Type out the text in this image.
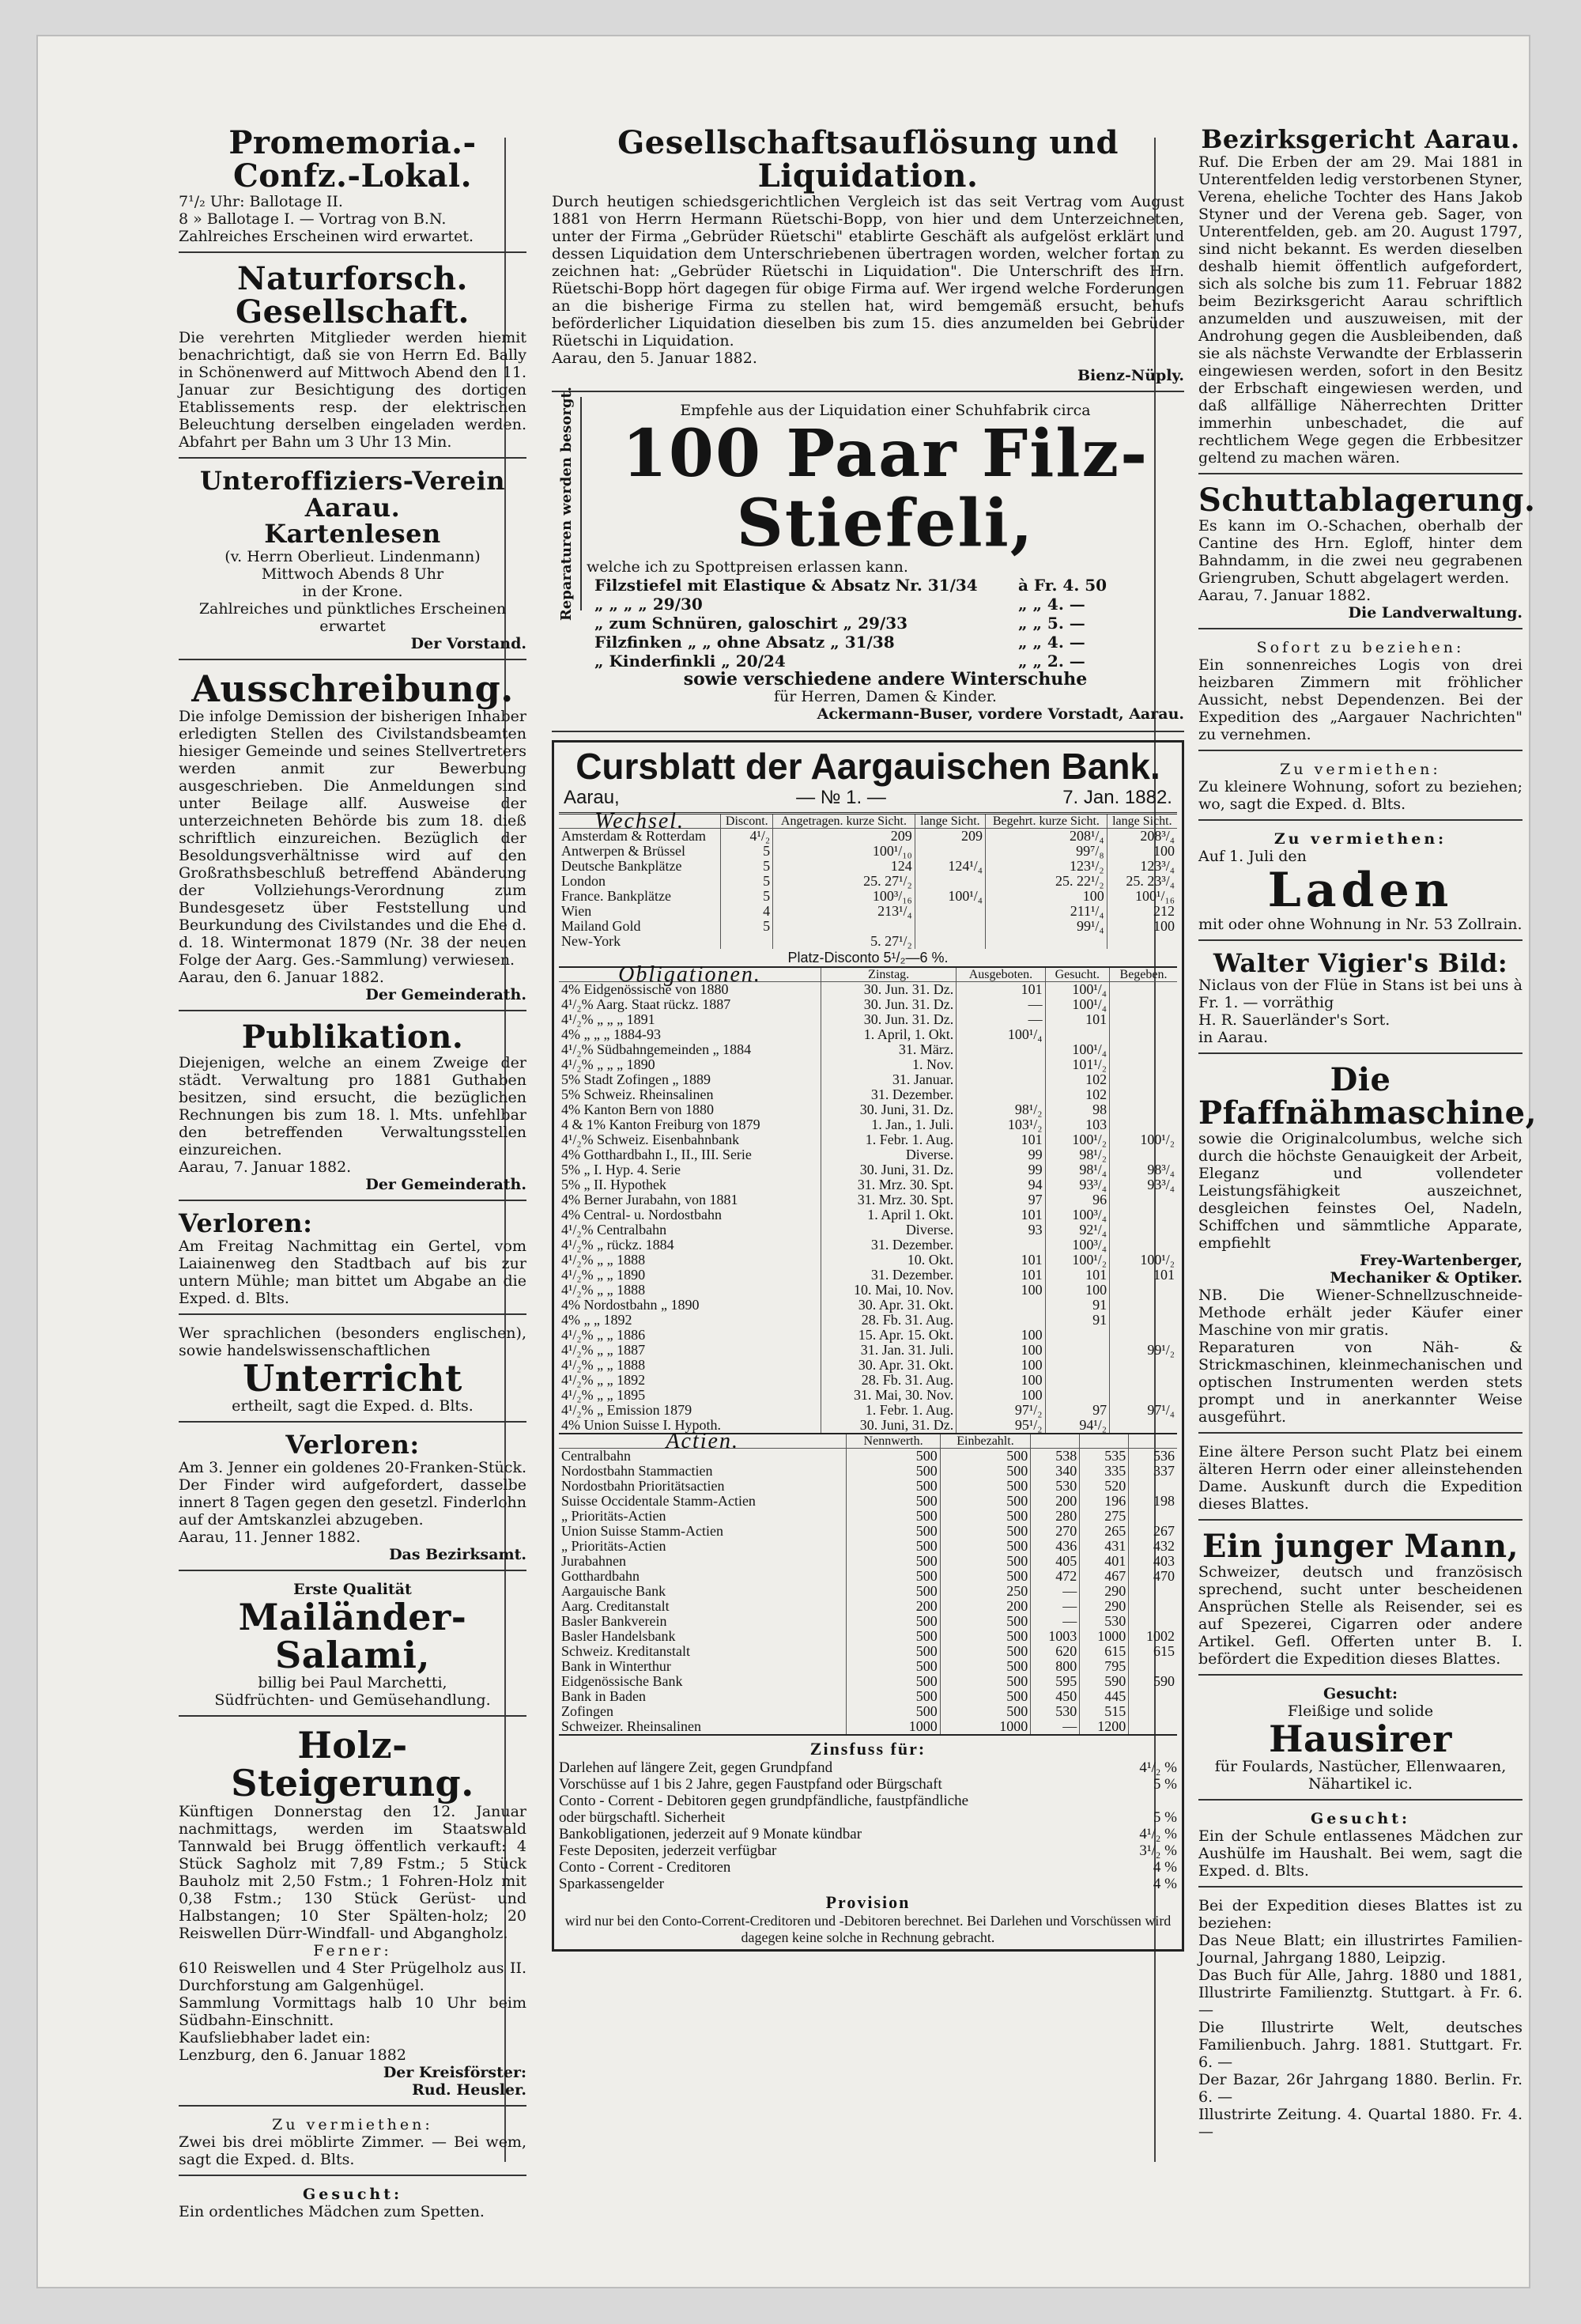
Promemoria.-Confz.-Lokal.
7¹/₂ Uhr: Ballotage II.
8 » Ballotage I. — Vortrag von B.N.
Zahlreiches Erscheinen wird erwartet.
Naturforsch. Gesellschaft.
Die verehrten Mitglieder werden hiemit benachrichtigt, daß sie von Herrn Ed. Bally in Schönenwerd auf Mittwoch Abend den 11. Januar zur Besichtigung des dortigen Etablissements resp. der elektrischen Beleuchtung derselben eingeladen werden. Abfahrt per Bahn um 3 Uhr 13 Min.
Unteroffiziers-Verein Aarau.
Kartenlesen
(v. Herrn Oberlieut. Lindenmann)
Mittwoch Abends 8 Uhr
in der Krone.
Zahlreiches und pünktliches Erscheinen erwartet
Der Vorstand.
Ausschreibung.
Die infolge Demission der bisherigen Inhaber erledigten Stellen des Civilstandsbeamten hiesiger Gemeinde und seines Stellvertreters werden anmit zur Bewerbung ausgeschrieben. Die Anmeldungen sind unter Beilage allf. Ausweise der unterzeichneten Behörde bis zum 18. dieß schriftlich einzureichen. Bezüglich der Besoldungsverhältnisse wird auf den Großrathsbeschluß betreffend Abänderung der Vollziehungs-Verordnung zum Bundesgesetz über Feststellung und Beurkundung des Civilstandes und die Ehe d. d. 18. Wintermonat 1879 (Nr. 38 der neuen Folge der Aarg. Ges.-Sammlung) verwiesen.
Aarau, den 6. Januar 1882.
Der Gemeinderath.
Publikation.
Diejenigen, welche an einem Zweige der städt. Verwaltung pro 1881 Guthaben besitzen, sind ersucht, die bezüglichen Rechnungen bis zum 18. l. Mts. unfehlbar den betreffenden Verwaltungsstellen einzureichen.
Aarau, 7. Januar 1882.
Der Gemeinderath.
Verloren:
Am Freitag Nachmittag ein Gertel, vom Laiainenweg den Stadtbach auf bis zur untern Mühle; man bittet um Abgabe an die Exped. d. Blts.
Wer sprachlichen (besonders englischen), sowie handelswissenschaftlichen
Unterricht
ertheilt, sagt die Exped. d. Blts.
Verloren:
Am 3. Jenner ein goldenes 20-Franken-Stück. Der Finder wird aufgefordert, dasselbe innert 8 Tagen gegen den gesetzl. Finderlohn auf der Amtskanzlei abzugeben.
Aarau, 11. Jenner 1882.
Das Bezirksamt.
Erste Qualität
Mailänder-Salami,
billig bei Paul Marchetti,
Südfrüchten- und Gemüsehandlung.
Holz-Steigerung.
Künftigen Donnerstag den 12. Januar nachmittags, werden im Staatswald Tannwald bei Brugg öffentlich verkauft: 4 Stück Sagholz mit 7,89 Fstm.; 5 Stück Bauholz mit 2,50 Fstm.; 1 Fohren-Holz mit 0,38 Fstm.; 130 Stück Gerüst- und Halbstangen; 10 Ster Spälten-holz; 20 Reiswellen Dürr-Windfall- und Abgangholz.
Ferner:
610 Reiswellen und 4 Ster Prügelholz aus II. Durchforstung am Galgenhügel.
Sammlung Vormittags halb 10 Uhr beim Südbahn-Einschnitt.
Kaufsliebhaber ladet ein:
Lenzburg, den 6. Januar 1882
Der Kreisförster:
Rud. Heusler.
Zu vermiethen:
Zwei bis drei möblirte Zimmer. — Bei wem, sagt die Exped. d. Blts.
Gesucht:
Ein ordentliches Mädchen zum Spetten.
Gesellschaftsauflösung und Liquidation.
Durch heutigen schiedsgerichtlichen Vergleich ist das seit Vertrag vom August 1881 von Herrn Hermann Rüetschi-Bopp, von hier und dem Unterzeichneten, unter der Firma „Gebrüder Rüetschi" etablirte Geschäft als aufgelöst erklärt und dessen Liquidation dem Unterschriebenen übertragen worden, welcher fortan zu zeichnen hat: „Gebrüder Rüetschi in Liquidation". Die Unterschrift des Hrn. Rüetschi-Bopp hört dagegen für obige Firma auf. Wer irgend welche Forderungen an die bisherige Firma zu stellen hat, wird bemgemäß ersucht, behufs beförderlicher Liquidation dieselben bis zum 15. dies anzumelden bei Gebrüder Rüetschi in Liquidation.
Aarau, den 5. Januar 1882.
Bienz-Nüply.
Reparaturen werden besorgt.	Empfehle aus der Liquidation einer Schuhfabrik circa
100 Paar Filz-Stiefeli,
welche ich zu Spottpreisen erlassen kann.
Filzstiefel mit Elastique & Absatz Nr. 31/34	à Fr. 4. 50
„ „ „ „ 29/30	„ „ 4. —
„ zum Schnüren, galoschirt „ 29/33	„ „ 5. —
Filzfinken „ „ ohne Absatz „ 31/38	„ „ 4. —
„ Kinderfinkli „ 20/24	„ „ 2. —
sowie verschiedene andere Winterschuhe
für Herren, Damen & Kinder.
Ackermann-Buser, vordere Vorstadt, Aarau.
Cursblatt der Aargauischen Bank.
Aarau,	— № 1. —	7. Jan. 1882.
Wechsel.	Discont.	Angetragen. kurze Sicht.	lange Sicht.	Begehrt. kurze Sicht.	lange Sicht.
Amsterdam & Rotterdam	4¹/₂	209	209	208¹/₄	208³/₄
Antwerpen & Brüssel	5	100¹/₁₀		99⁷/₈	100
Deutsche Bankplätze	5	124	124¹/₄	123¹/₂	123³/₄
London	5	25. 27¹/₂		25. 22¹/₂	25. 23³/₄
France. Bankplätze	5	100³/₁₆	100¹/₄	100	100¹/₁₆
Wien	4	213¹/₄		211¹/₄	212
Mailand Gold	5			99¹/₄	100
New-York		5. 27¹/₂			
Platz-Disconto 5¹/₂—6 %.
Obligationen.	Zinstag.	Ausgeboten.	Gesucht.	Begeben.
4% Eidgenössische von 1880	30. Jun. 31. Dz.	101	100¹/₄	
4¹/₂% Aarg. Staat rückz. 1887	30. Jun. 31. Dz.	—	100¹/₄	
4¹/₂% „ „ „ 1891	30. Jun. 31. Dz.	—	101	
4% „ „ „ 1884-93	1. April, 1. Okt.	100¹/₄		
4¹/₂% Südbahngemeinden „ 1884	31. März.		100¹/₄	
4¹/₂% „ „ „ 1890	1. Nov.		101¹/₂	
5% Stadt Zofingen „ 1889	31. Januar.		102	
5% Schweiz. Rheinsalinen	31. Dezember.		102	
4% Kanton Bern von 1880	30. Juni, 31. Dz.	98¹/₂	98	
4 & 1% Kanton Freiburg von 1879	1. Jan., 1. Juli.	103¹/₂	103	
4¹/₂% Schweiz. Eisenbahnbank	1. Febr. 1. Aug.	101	100¹/₂	100¹/₂
4% Gotthardbahn I., II., III. Serie	Diverse.	99	98¹/₂	
5% „ I. Hyp. 4. Serie	30. Juni, 31. Dz.	99	98¹/₄	98³/₄
5% „ II. Hypothek	31. Mrz. 30. Spt.	94	93³/₄	93³/₄
4% Berner Jurabahn, von 1881	31. Mrz. 30. Spt.	97	96	
4% Central- u. Nordostbahn	1. April 1. Okt.	101	100³/₄	
4¹/₂% Centralbahn	Diverse.	93	92¹/₄	
4¹/₂% „ rückz. 1884	31. Dezember.		100³/₄	
4¹/₂% „ „ 1888	10. Okt.	101	100¹/₂	100¹/₂
4¹/₂% „ „ 1890	31. Dezember.	101	101	101
4¹/₂% „ „ 1888	10. Mai, 10. Nov.	100	100	
4% Nordostbahn „ 1890	30. Apr. 31. Okt.		91	
4% „ „ 1892	28. Fb. 31. Aug.		91	
4¹/₂% „ „ 1886	15. Apr. 15. Okt.	100		
4¹/₂% „ „ 1887	31. Jan. 31. Juli.	100		99¹/₂
4¹/₂% „ „ 1888	30. Apr. 31. Okt.	100		
4¹/₂% „ „ 1892	28. Fb. 31. Aug.	100		
4¹/₂% „ „ 1895	31. Mai, 30. Nov.	100		
4¹/₂% „ Emission 1879	1. Febr. 1. Aug.	97¹/₂	97	97¹/₄
4% Union Suisse I. Hypoth.	30. Juni, 31. Dz.	95¹/₂	94¹/₂	
Actien.	Nennwerth.	Einbezahlt.			
Centralbahn	500	500	538	535	536
Nordostbahn Stammactien	500	500	340	335	337
Nordostbahn Prioritätsactien	500	500	530	520	
Suisse Occidentale Stamm-Actien	500	500	200	196	198
„ Prioritäts-Actien	500	500	280	275	
Union Suisse Stamm-Actien	500	500	270	265	267
„ Prioritäts-Actien	500	500	436	431	432
Jurabahnen	500	500	405	401	403
Gotthardbahn	500	500	472	467	470
Aargauische Bank	500	250	—	290	
Aarg. Creditanstalt	200	200	—	290	
Basler Bankverein	500	500	—	530	
Basler Handelsbank	500	500	1003	1000	1002
Schweiz. Kreditanstalt	500	500	620	615	615
Bank in Winterthur	500	500	800	795	
Eidgenössische Bank	500	500	595	590	590
Bank in Baden	500	500	450	445	
Zofingen	500	500	530	515	
Schweizer. Rheinsalinen	1000	1000	—	1200	
Zinsfuss für:
Darlehen auf längere Zeit, gegen Grundpfand	4¹/₂ %
Vorschüsse auf 1 bis 2 Jahre, gegen Faustpfand oder Bürgschaft	5 %
Conto - Corrent - Debitoren gegen grundpfändliche, faustpfändliche
oder bürgschaftl. Sicherheit	5 %
Bankobligationen, jederzeit auf 9 Monate kündbar	4¹/₂ %
Feste Depositen, jederzeit verfügbar	3¹/₂ %
Conto - Corrent - Creditoren	4 %
Sparkassengelder	4 %
Provision
wird nur bei den Conto-Corrent-Creditoren und -Debitoren berechnet. Bei Darlehen und Vorschüssen wird dagegen keine solche in Rechnung gebracht.
Bezirksgericht Aarau.
Ruf. Die Erben der am 29. Mai 1881 in Unterentfelden ledig verstorbenen Styner, Verena, eheliche Tochter des Hans Jakob Styner und der Verena geb. Sager, von Unterentfelden, geb. am 20. August 1797, sind nicht bekannt. Es werden dieselben deshalb hiemit öffentlich aufgefordert, sich als solche bis zum 11. Februar 1882 beim Bezirksgericht Aarau schriftlich anzumelden und auszuweisen, mit der Androhung gegen die Ausbleibenden, daß sie als nächste Verwandte der Erblasserin eingewiesen werden, sofort in den Besitz der Erbschaft eingewiesen werden, und daß allfällige Näherrechten Dritter immerhin unbeschadet, die auf rechtlichem Wege gegen die Erbbesitzer geltend zu machen wären.
Schuttablagerung.
Es kann im O.-Schachen, oberhalb der Cantine des Hrn. Egloff, hinter dem Bahndamm, in die zwei neu gegrabenen Griengruben, Schutt abgelagert werden.
Aarau, 7. Januar 1882.
Die Landverwaltung.
Sofort zu beziehen:
Ein sonnenreiches Logis von drei heizbaren Zimmern mit fröhlicher Aussicht, nebst Dependenzen. Bei der Expedition des „Aargauer Nachrichten" zu vernehmen.
Zu vermiethen:
Zu kleinere Wohnung, sofort zu beziehen; wo, sagt die Exped. d. Blts.
Zu vermiethen:
Auf 1. Juli den
Laden
mit oder ohne Wohnung in Nr. 53 Zollrain.
Walter Vigier's Bild:
Niclaus von der Flüe in Stans ist bei uns à Fr. 1. — vorräthig
H. R. Sauerländer's Sort.
in Aarau.
Die Pfaffnähmaschine,
sowie die Originalcolumbus, welche sich durch die höchste Genauigkeit der Arbeit, Eleganz und vollendeter Leistungsfähigkeit auszeichnet, desgleichen feinstes Oel, Nadeln, Schiffchen und sämmtliche Apparate, empfiehlt
Frey-Wartenberger,
Mechaniker & Optiker.
NB. Die Wiener-Schnellzuschneide-Methode erhält jeder Käufer einer Maschine von mir gratis.
Reparaturen von Näh- & Strickmaschinen, kleinmechanischen und optischen Instrumenten werden stets prompt und in anerkannter Weise ausgeführt.
Eine ältere Person sucht Platz bei einem älteren Herrn oder einer alleinstehenden Dame. Auskunft durch die Expedition dieses Blattes.
Ein junger Mann,
Schweizer, deutsch und französisch sprechend, sucht unter bescheidenen Ansprüchen Stelle als Reisender, sei es auf Spezerei, Cigarren oder andere Artikel. Gefl. Offerten unter B. I. befördert die Expedition dieses Blattes.
Gesucht:
Fleißige und solide
Hausirer
für Foulards, Nastücher, Ellenwaaren, Nähartikel ic.
Gesucht:
Ein der Schule entlassenes Mädchen zur Aushülfe im Haushalt. Bei wem, sagt die Exped. d. Blts.
Bei der Expedition dieses Blattes ist zu beziehen:
Das Neue Blatt; ein illustrirtes Familien-Journal, Jahrgang 1880, Leipzig.
Das Buch für Alle, Jahrg. 1880 und 1881, Illustrirte Familienztg. Stuttgart. à Fr. 6. —
Die Illustrirte Welt, deutsches Familienbuch. Jahrg. 1881. Stuttgart. Fr. 6. —
Der Bazar, 26r Jahrgang 1880. Berlin. Fr. 6. —
Illustrirte Zeitung. 4. Quartal 1880. Fr. 4. —
